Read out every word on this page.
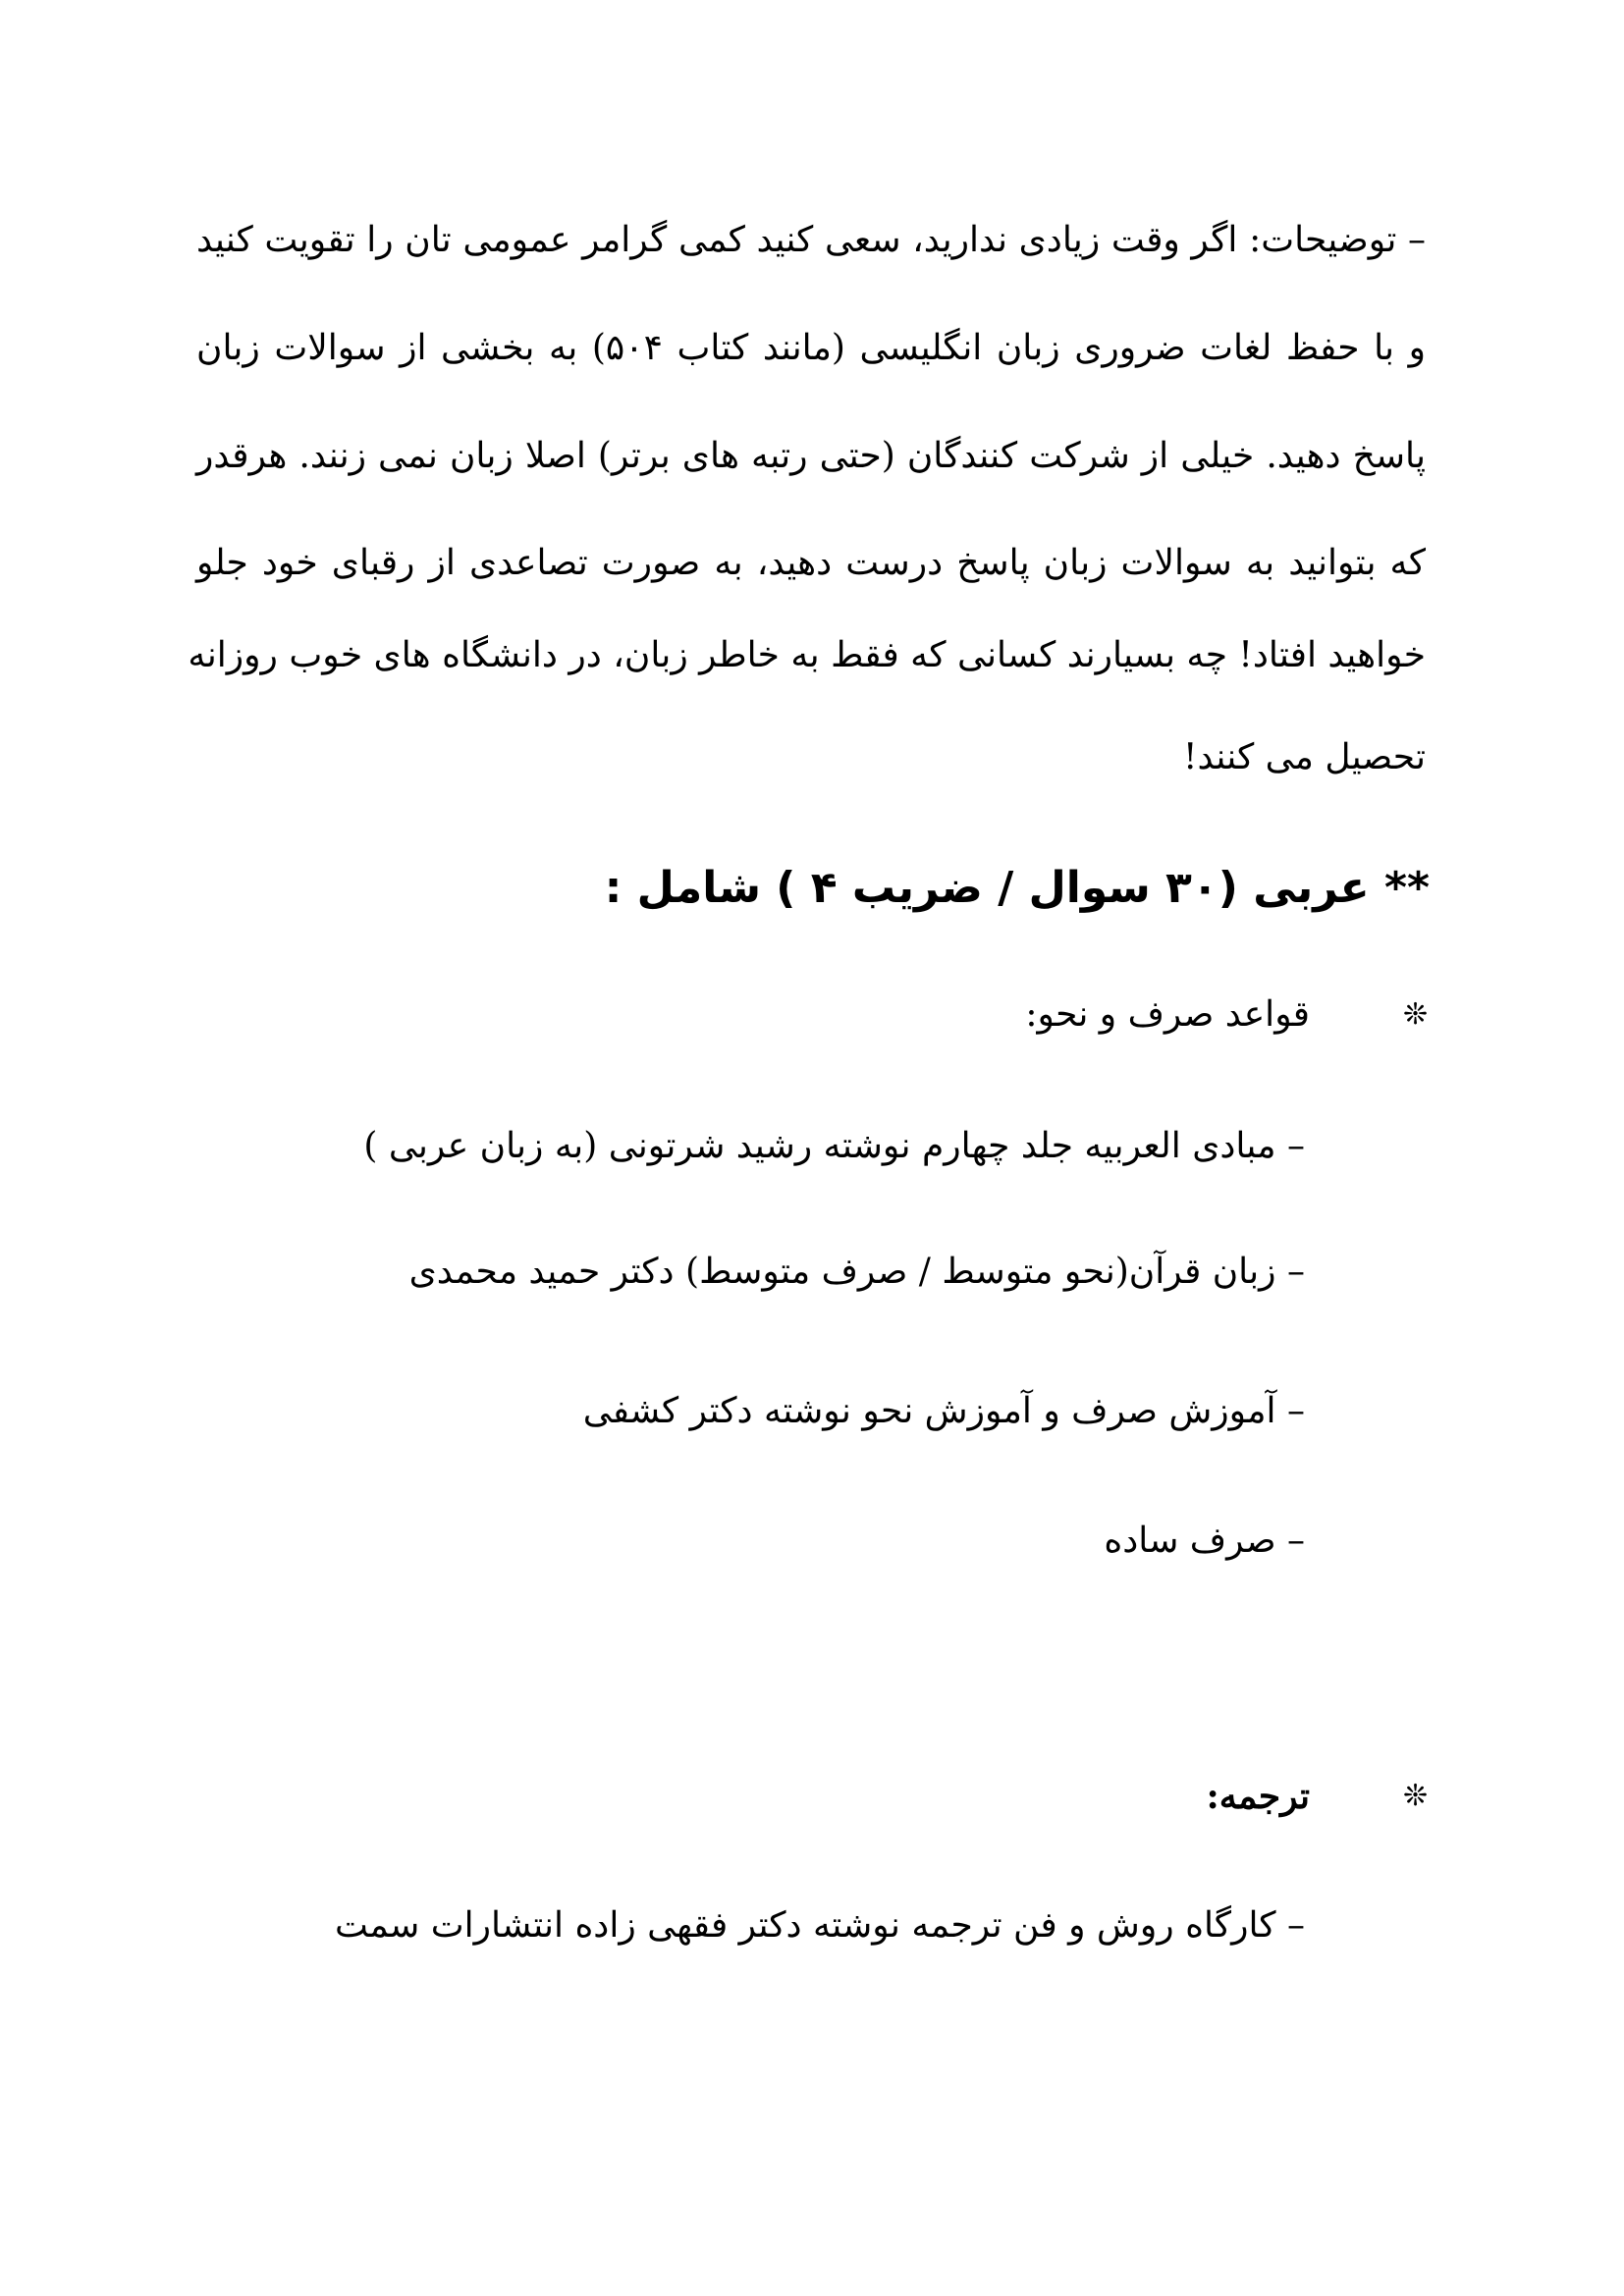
– توضیحات: اگر وقت زیادی ندارید، سعی کنید کمی گرامر عمومی تان را تقویت کنید
و با حفظ لغات ضروری زبان انگلیسی (مانند کتاب ۵۰۴) به بخشی از سوالات زبان
پاسخ دهید. خیلی از شرکت کنندگان (حتی رتبه های برتر) اصلا زبان نمی زنند. هرقدر
که بتوانید به سوالات زبان پاسخ درست دهید، به صورت تصاعدی از رقبای خود جلو
خواهید افتاد! چه بسیارند کسانی که فقط به خاطر زبان، در دانشگاه های خوب روزانه
تحصیل می کنند!
** عربی (۳۰ سوال / ضریب ۴ ) شامل :
❊
قواعد صرف و نحو:
– مبادی العربیه جلد چهارم نوشته رشید شرتونی (به زبان عربی )
– زبان قرآن(نحو متوسط / صرف متوسط) دکتر حمید محمدی
– آموزش صرف و آموزش نحو نوشته دکتر کشفی
– صرف ساده
❊
ترجمه:
– کارگاه روش و فن ترجمه نوشته دکتر فقهی زاده انتشارات سمت
